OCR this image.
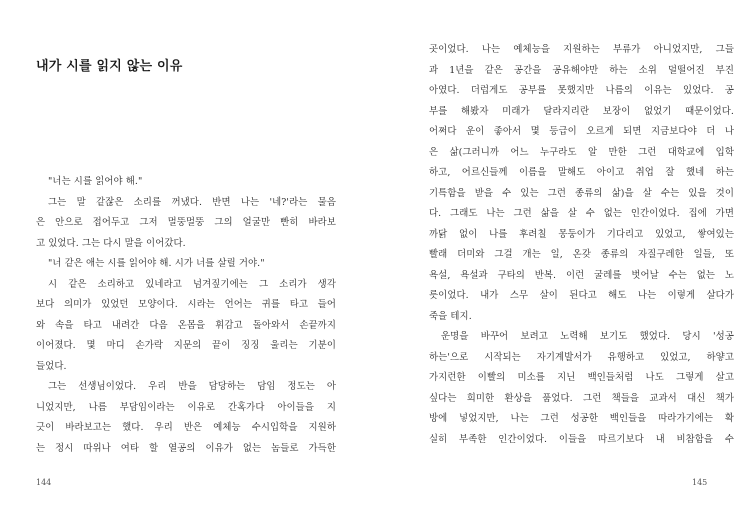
내가 시를 읽지 않는 이유
"너는 시를 읽어야 해."
그는 말 같잖은 소리를 꺼냈다. 반면 나는 '네?'라는 물음
은 안으로 접어두고 그저 멀뚱멀뚱 그의 얼굴만 빤히 바라보
고 있었다. 그는 다시 말을 이어갔다.
"너 같은 애는 시를 읽어야 해. 시가 너를 살릴 거야."
시 같은 소리하고 있네라고 넘겨짚기에는 그 소리가 생각
보다 의미가 있었던 모양이다. 시라는 언어는 귀를 타고 들어
와 속을 타고 내려간 다음 온몸을 휘감고 돌아와서 손끝까지
이어졌다. 몇 마디 손가락 지문의 끝이 징징 울리는 기분이
들었다.
그는 선생님이었다. 우리 반을 담당하는 담임 정도는 아
니었지만, 나름 부담임이라는 이유로 간혹가다 아이들을 지
긋이 바라보고는 했다. 우리 반은 예체능 수시입학을 지원하
는 정시 따위나 여타 할 열공의 이유가 없는 놈들로 가득한
144
곳이었다. 나는 예체능을 지원하는 부류가 아니었지만, 그들
과 1년을 같은 공간을 공유해야만 하는 소위 덜떨어진 부진
아였다. 더럽게도 공부를 못했지만 나름의 이유는 있었다. 공
부를 해봤자 미래가 달라지리란 보장이 없었기 때문이었다.
어쩌다 운이 좋아서 몇 등급이 오르게 되면 지금보다야 더 나
은 삶(그러니까 어느 누구라도 알 만한 그런 대학교에 입학
하고, 어르신들께 이름을 말해도 아이고 취업 잘 했네 하는
기특함을 받을 수 있는 그런 종류의 삶)을 살 수는 있을 것이
다. 그래도 나는 그런 삶을 살 수 없는 인간이었다. 집에 가면
까닭 없이 나를 후려칠 몽둥이가 기다리고 있었고, 쌓여있는
빨래 더미와 그걸 개는 일, 온갖 종류의 자질구레한 일들, 또
욕설, 욕설과 구타의 반복. 이런 굴레를 벗어날 수는 없는 노
릇이었다. 내가 스무 살이 된다고 해도 나는 이렇게 살다가
죽을 테지.
운명을 바꾸어 보려고 노력해 보기도 했었다. 당시 '성공
하는'으로 시작되는 자기계발서가 유행하고 있었고, 하얗고
가지런한 이빨의 미소를 지닌 백인들처럼 나도 그렇게 살고
싶다는 희미한 환상을 품었다. 그런 책들을 교과서 대신 책가
방에 넣었지만, 나는 그런 성공한 백인들을 따라가기에는 확
실히 부족한 인간이었다. 이들을 따르기보다 내 비참함을 수
145
